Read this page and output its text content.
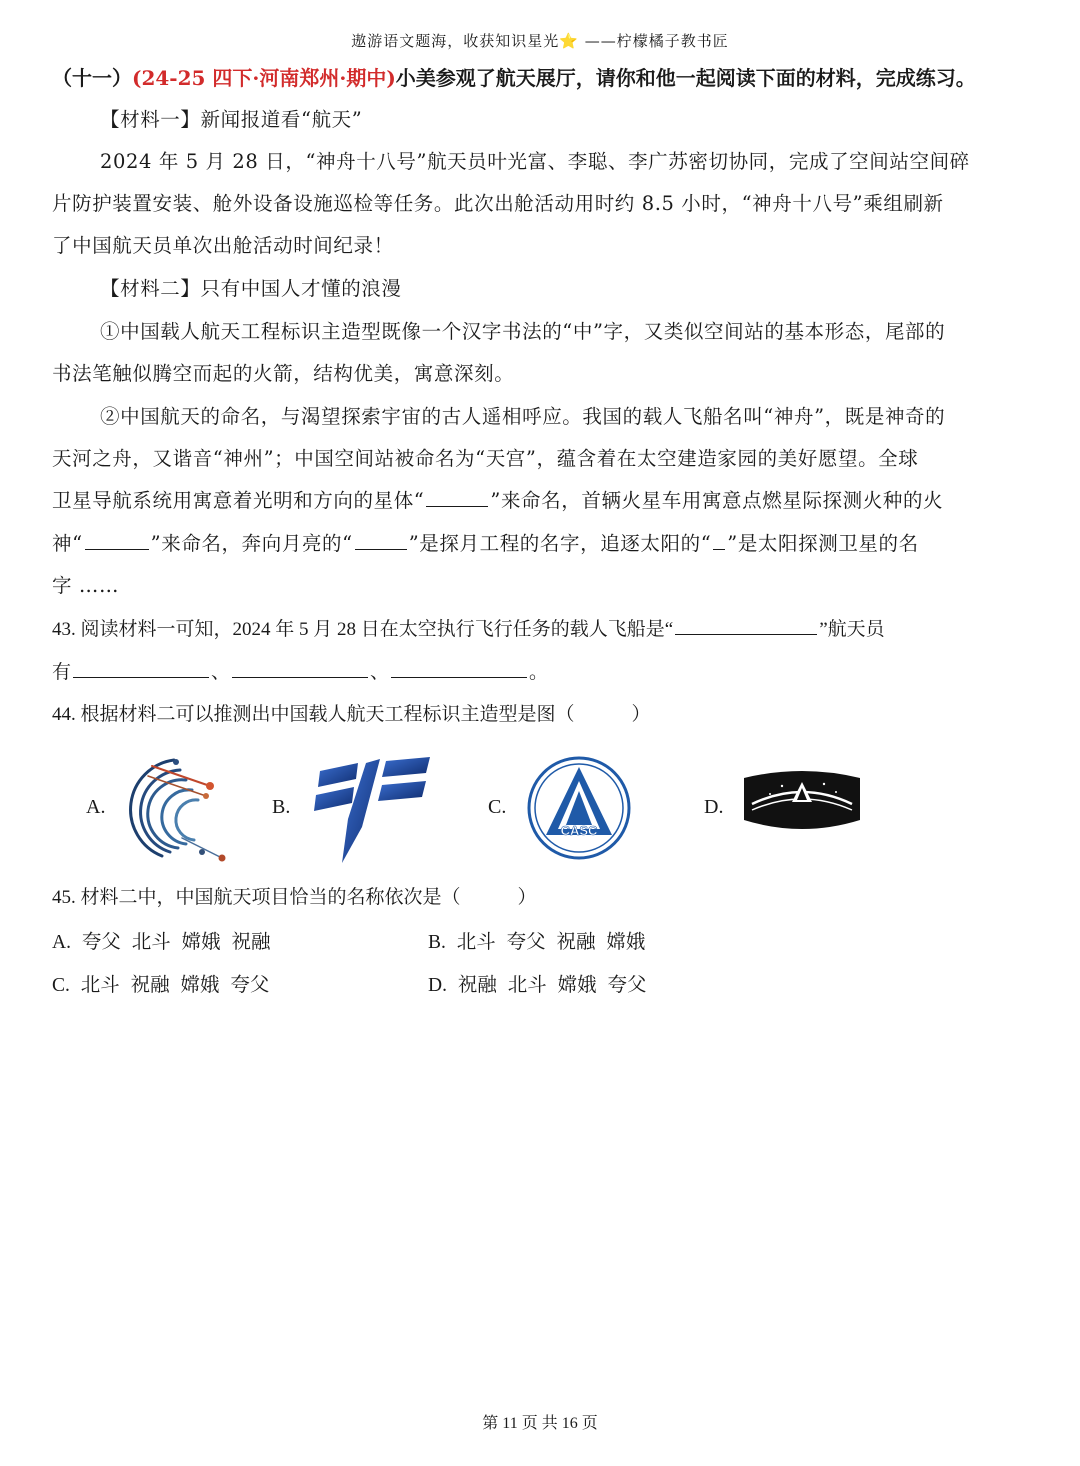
遨游语文题海，收获知识星光⭐ ——柠檬橘子教书匠
（十一）(24-25 四下·河南郑州·期中)小美参观了航天展厅，请你和他一起阅读下面的材料，完成练习。
【材料一】新闻报道看“航天”
2024 年 5 月 28 日，“神舟十八号”航天员叶光富、李聪、李广苏密切协同，完成了空间站空间碎
片防护装置安装、舱外设备设施巡检等任务。此次出舱活动用时约 8.5 小时，“神舟十八号”乘组刷新
了中国航天员单次出舱活动时间纪录！
【材料二】只有中国人才懂的浪漫
①中国载人航天工程标识主造型既像一个汉字书法的“中”字，又类似空间站的基本形态，尾部的
书法笔触似腾空而起的火箭，结构优美，寓意深刻。
②中国航天的命名，与渴望探索宇宙的古人遥相呼应。我国的载人飞船名叫“神舟”，既是神奇的
天河之舟，又谐音“神州”；中国空间站被命名为“天宫”，蕴含着在太空建造家园的美好愿望。全球
卫星导航系统用寓意着光明和方向的星体“	”来命名，首辆火星车用寓意点燃星际探测火种的火
神“	”来命名，奔向月亮的“	”是探月工程的名字，追逐太阳的“ ”是太阳探测卫星的名
字 ……
43. 阅读材料一可知，2024 年 5 月 28 日在太空执行飞行任务的载人飞船是“	”航天员
有	、	、	。
44. 根据材料二可以推测出中国载人航天工程标识主造型是图（　　　）
A.	B.	C.
CASC
D.
45. 材料二中，中国航天项目恰当的名称依次是（　　　）
A. 夸父 北斗 嫦娥 祝融	B. 北斗 夸父 祝融 嫦娥
C. 北斗 祝融 嫦娥 夸父	D. 祝融 北斗 嫦娥 夸父
第 11 页 共 16 页
